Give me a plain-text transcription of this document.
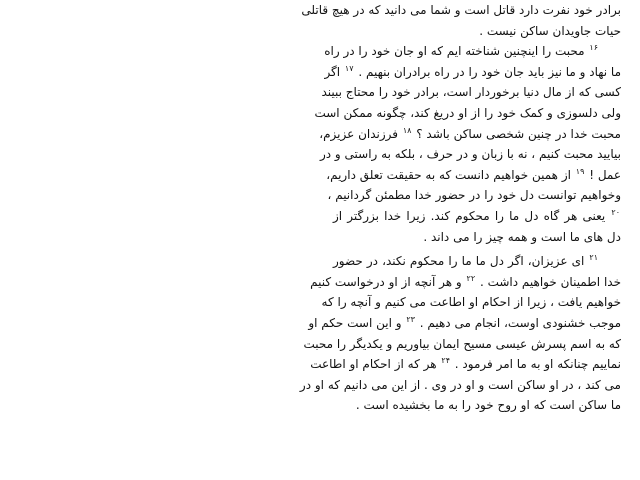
برادر خود نفرت دارد قاتل است و شما می دانید که در هیچ قاتلی
حیات جاویدان ساکن نیست .
$^{۱۶}$ محبت را اینچنین شناخته ایم که او جان خود را در راه
ما نهاد و ما نیز باید جان خود را در راه برادران بنهیم . $^{۱۷}$ اگر
کسی که از مال دنیا برخوردار است، برادر خود را محتاج ببیند
ولی دلسوزی و کمک خود را از او دریغ کند، چگونه ممکن است
محبت خدا در چنین شخصی ساکن باشد ؟ $^{۱۸}$ فرزندان عزیزم،
بیایید محبت کنیم ، نه با زبان و در حرف ، بلکه به راستی و در
عمل ! $^{۱۹}$ از همین خواهیم دانست که به حقیقت تعلق داریم،
وخواهیم توانست دل خود را در حضور خدا مطمئن گردانیم ،
$^{۲۰}$ یعنی هر گاه دل ما را محکوم کند. زیرا خدا بزرگتر از
دل های ما است و همه چیز را می داند .
$^{۲۱}$ ای عزیزان، اگر دل ما ما را محکوم نکند، در حضور
خدا اطمینان خواهیم داشت . $^{۲۲}$ و هر آنچه از او درخواست کنیم
خواهیم یافت ، زیرا از احکام او اطاعت می کنیم و آنچه را که
موجب خشنودی اوست، انجام می دهیم . $^{۲۳}$ و این است حکم او
که به اسم پسرش عیسی مسیح ایمان بیاوریم و یکدیگر را محبت
نماییم چنانکه او به ما امر فرمود . $^{۲۴}$ هر که از احکام او اطاعت
می کند ، در او ساکن است و او در وی . از این می دانیم که او در
ما ساکن است که او روح خود را به ما بخشیده است .
